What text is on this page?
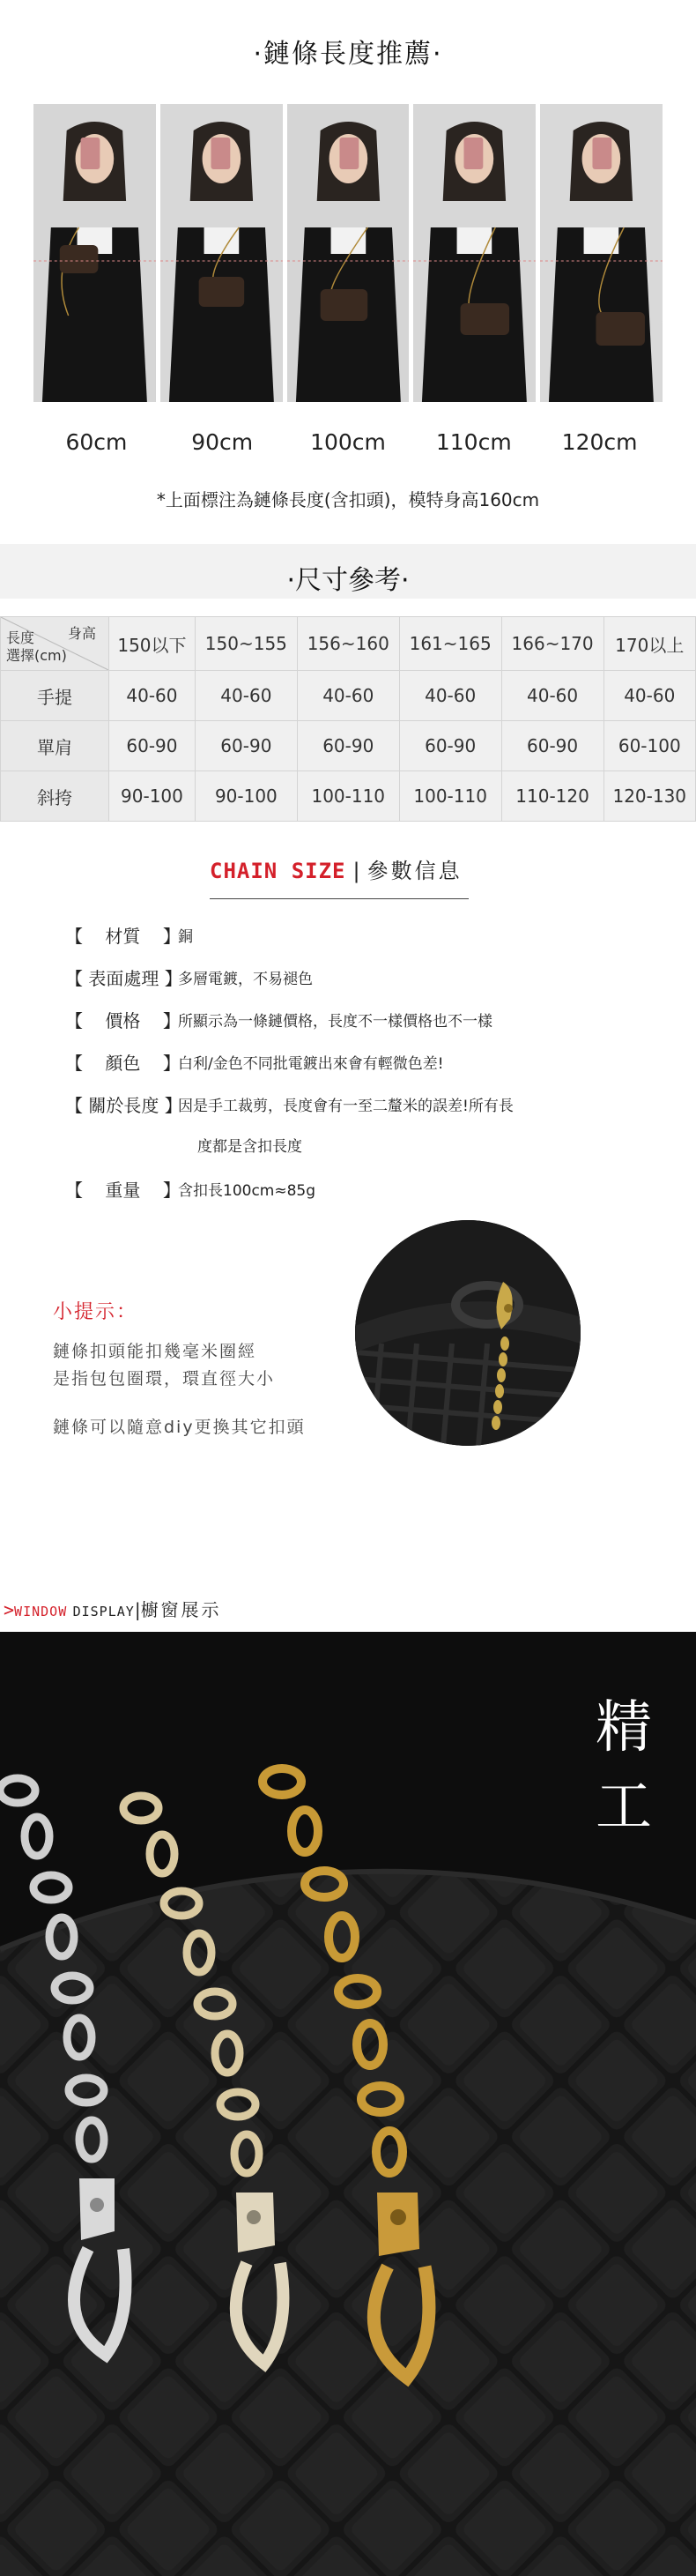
·鏈條長度推薦·
60cm	90cm	100cm	110cm	120cm
*上面標注為鏈條長度(含扣頭)，模特身高160cm
·尺寸參考·
身高
長度
選擇(cm)	150以下	150~155	156~160	161~165	166~170	170以上
手提	40-60	40-60	40-60	40-60	40-60	40-60
單肩	60-90	60-90	60-90	60-90	60-90	60-100
斜挎	90-100	90-100	100-110	100-110	110-120	120-130
CHAIN SIZE | 參數信息
【    材質    】
銅
【 表面處理 】
多層電鍍，不易褪色
【    價格    】
所顯示為一條鏈價格，長度不一樣價格也不一樣
【    顏色    】
白利/金色不同批電鍍出來會有輕微色差!
【 關於長度 】
因是手工裁剪，長度會有一至二釐米的誤差!所有長
度都是含扣長度
【    重量    】
含扣長100cm≈85g
小提示：
鏈條扣頭能扣幾毫米圈經
是指包包圈環，環直徑大小
鏈條可以隨意diy更換其它扣頭
>WINDOW DISPLAY|櫥窗展示
精
工
